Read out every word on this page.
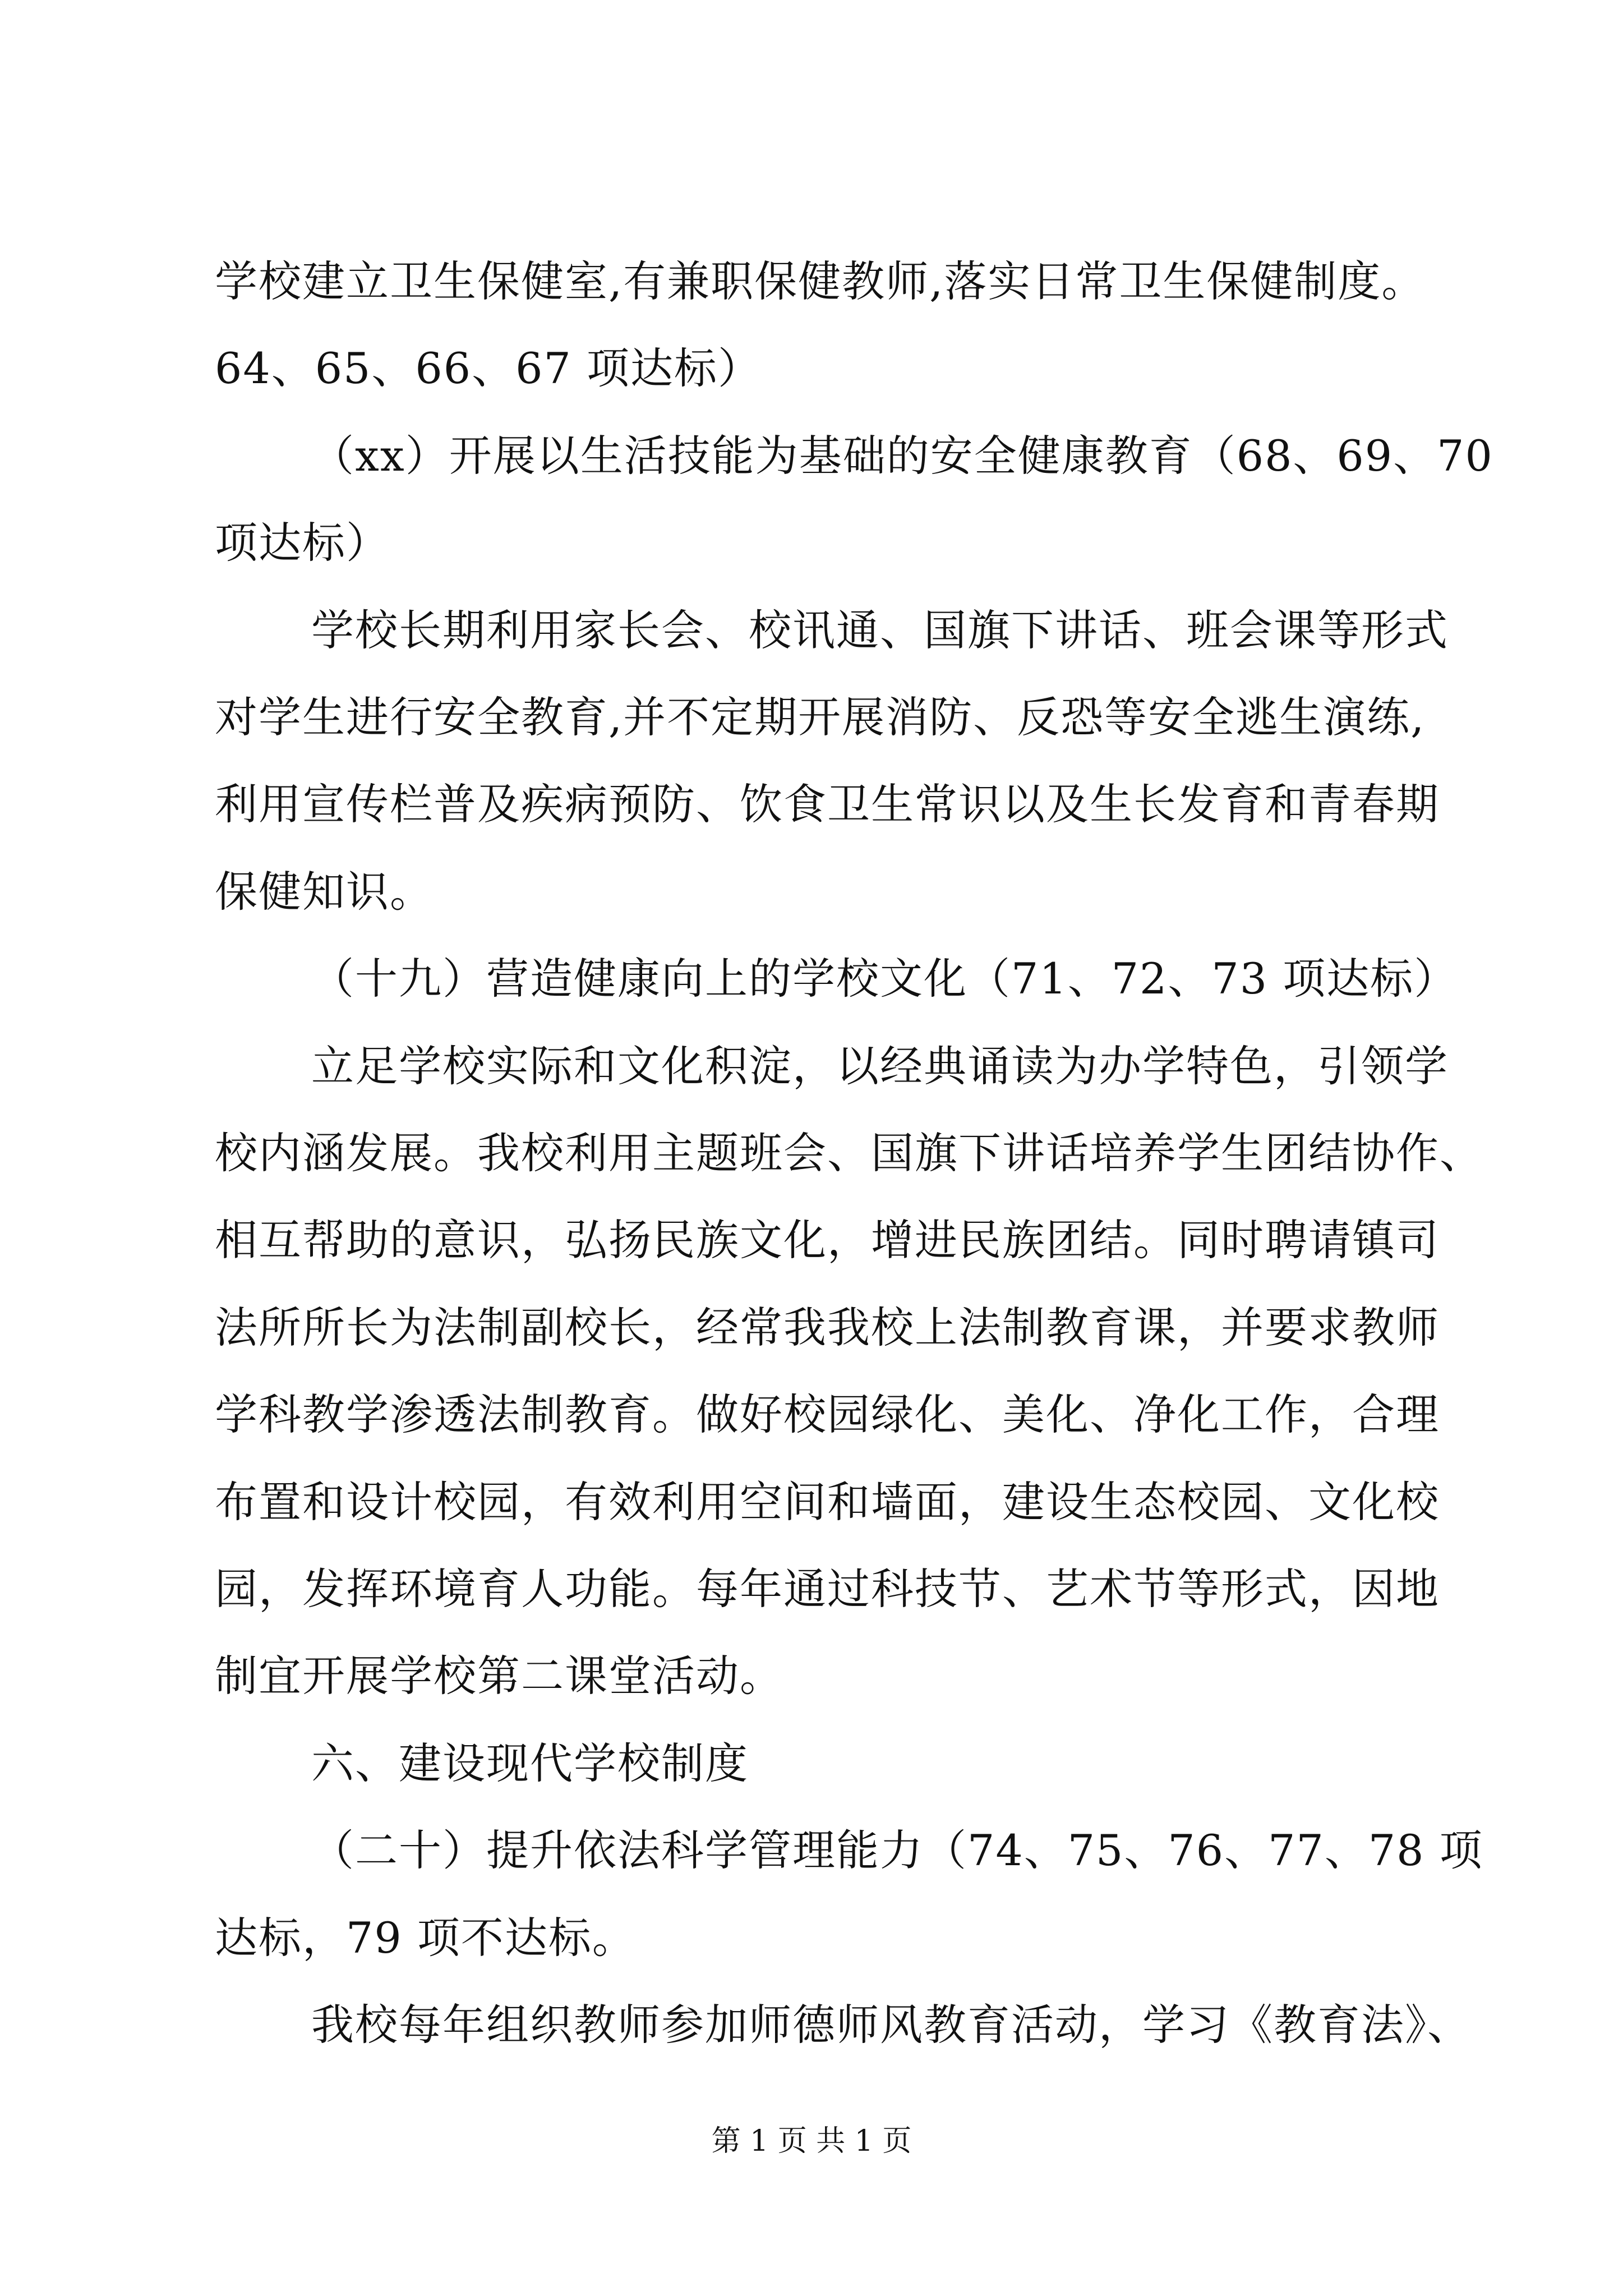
学校建立卫生保健室,有兼职保健教师,落实日常卫生保健制度。
64、65、66、67 项达标）
（xx）开展以生活技能为基础的安全健康教育（68、69、70
项达标）
学校长期利用家长会、校讯通、国旗下讲话、班会课等形式
对学生进行安全教育,并不定期开展消防、反恐等安全逃生演练,
利用宣传栏普及疾病预防、饮食卫生常识以及生长发育和青春期
保健知识。
（十九）营造健康向上的学校文化（71、72、73 项达标）
立足学校实际和文化积淀，以经典诵读为办学特色，引领学
校内涵发展。我校利用主题班会、国旗下讲话培养学生团结协作、
相互帮助的意识，弘扬民族文化，增进民族团结。同时聘请镇司
法所所长为法制副校长，经常我我校上法制教育课，并要求教师
学科教学渗透法制教育。做好校园绿化、美化、净化工作，合理
布置和设计校园，有效利用空间和墙面，建设生态校园、文化校
园，发挥环境育人功能。每年通过科技节、艺术节等形式，因地
制宜开展学校第二课堂活动。
六、建设现代学校制度
（二十）提升依法科学管理能力（74、75、76、77、78 项
达标，79 项不达标。
我校每年组织教师参加师德师风教育活动，学习《教育法》、
第 1 页 共 1 页
